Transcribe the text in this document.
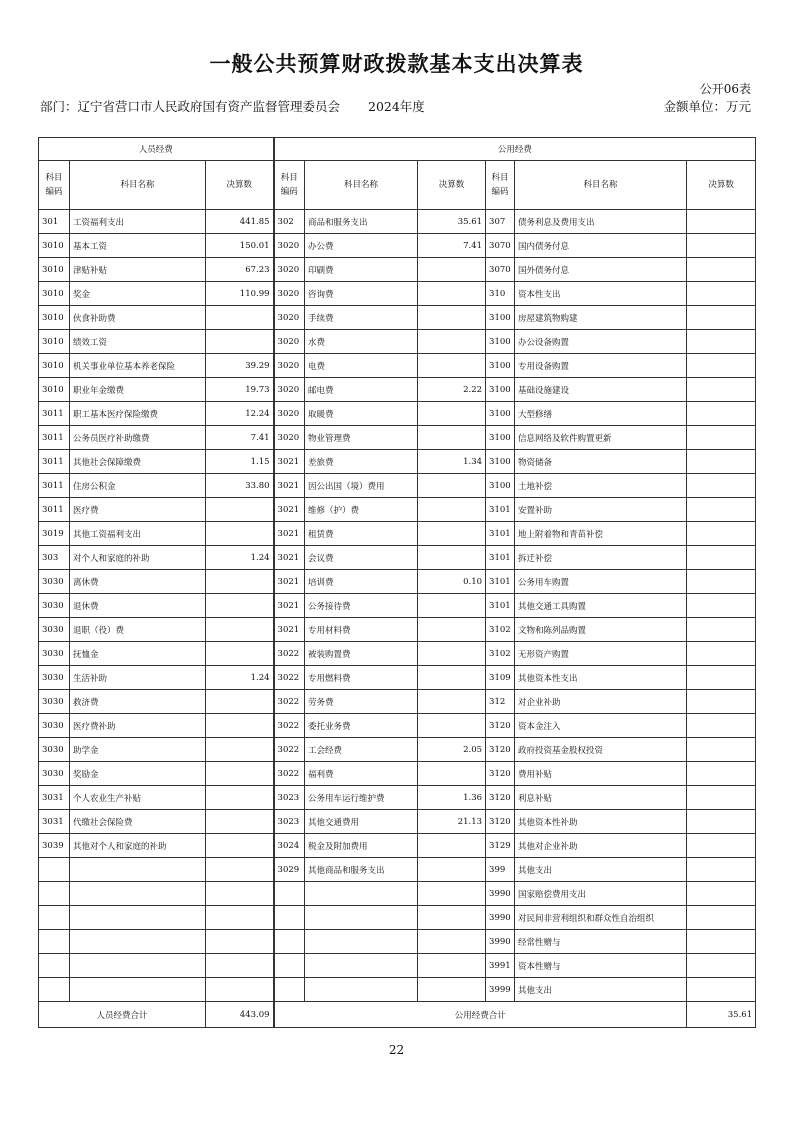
一般公共预算财政拨款基本支出决算表
公开06表
部门：辽宁省营口市人民政府国有资产监督管理委员会 2024年度	金额单位：万元
人员经费			公用经费					
科目编码	科目名称	决算数	科目编码	科目名称	决算数	科目编码	科目名称	决算数
301	工资福利支出	441.85	302	商品和服务支出	35.61	307	债务利息及费用支出	
3010	基本工资	150.01	3020	办公费	7.41	3070	国内债务付息	
3010	津贴补贴	67.23	3020	印刷费		3070	国外债务付息	
3010	奖金	110.99	3020	咨询费		310	资本性支出	
3010	伙食补助费		3020	手续费		3100	房屋建筑物购建	
3010	绩效工资		3020	水费		3100	办公设备购置	
3010	机关事业单位基本养老保险	39.29	3020	电费		3100	专用设备购置	
3010	职业年金缴费	19.73	3020	邮电费	2.22	3100	基础设施建设	
3011	职工基本医疗保险缴费	12.24	3020	取暖费		3100	大型修缮	
3011	公务员医疗补助缴费	7.41	3020	物业管理费		3100	信息网络及软件购置更新	
3011	其他社会保障缴费	1.15	3021	差旅费	1.34	3100	物资储备	
3011	住房公积金	33.80	3021	因公出国（境）费用		3100	土地补偿	
3011	医疗费		3021	维修（护）费		3101	安置补助	
3019	其他工资福利支出		3021	租赁费		3101	地上附着物和青苗补偿	
303	对个人和家庭的补助	1.24	3021	会议费		3101	拆迁补偿	
3030	离休费		3021	培训费	0.10	3101	公务用车购置	
3030	退休费		3021	公务接待费		3101	其他交通工具购置	
3030	退职（役）费		3021	专用材料费		3102	文物和陈列品购置	
3030	抚恤金		3022	被装购置费		3102	无形资产购置	
3030	生活补助	1.24	3022	专用燃料费		3109	其他资本性支出	
3030	救济费		3022	劳务费		312	对企业补助	
3030	医疗费补助		3022	委托业务费		3120	资本金注入	
3030	助学金		3022	工会经费	2.05	3120	政府投资基金股权投资	
3030	奖励金		3022	福利费		3120	费用补贴	
3031	个人农业生产补贴		3023	公务用车运行维护费	1.36	3120	利息补贴	
3031	代缴社会保险费		3023	其他交通费用	21.13	3120	其他资本性补助	
3039	其他对个人和家庭的补助		3024	税金及附加费用		3129	其他对企业补助	
			3029	其他商品和服务支出		399	其他支出	
						3990	国家赔偿费用支出	
						3990	对民间非营利组织和群众性自治组织	
						3990	经常性赠与	
						3991	资本性赠与	
						3999	其他支出	
人员经费合计		443.09	公用经费合计					35.61
22
